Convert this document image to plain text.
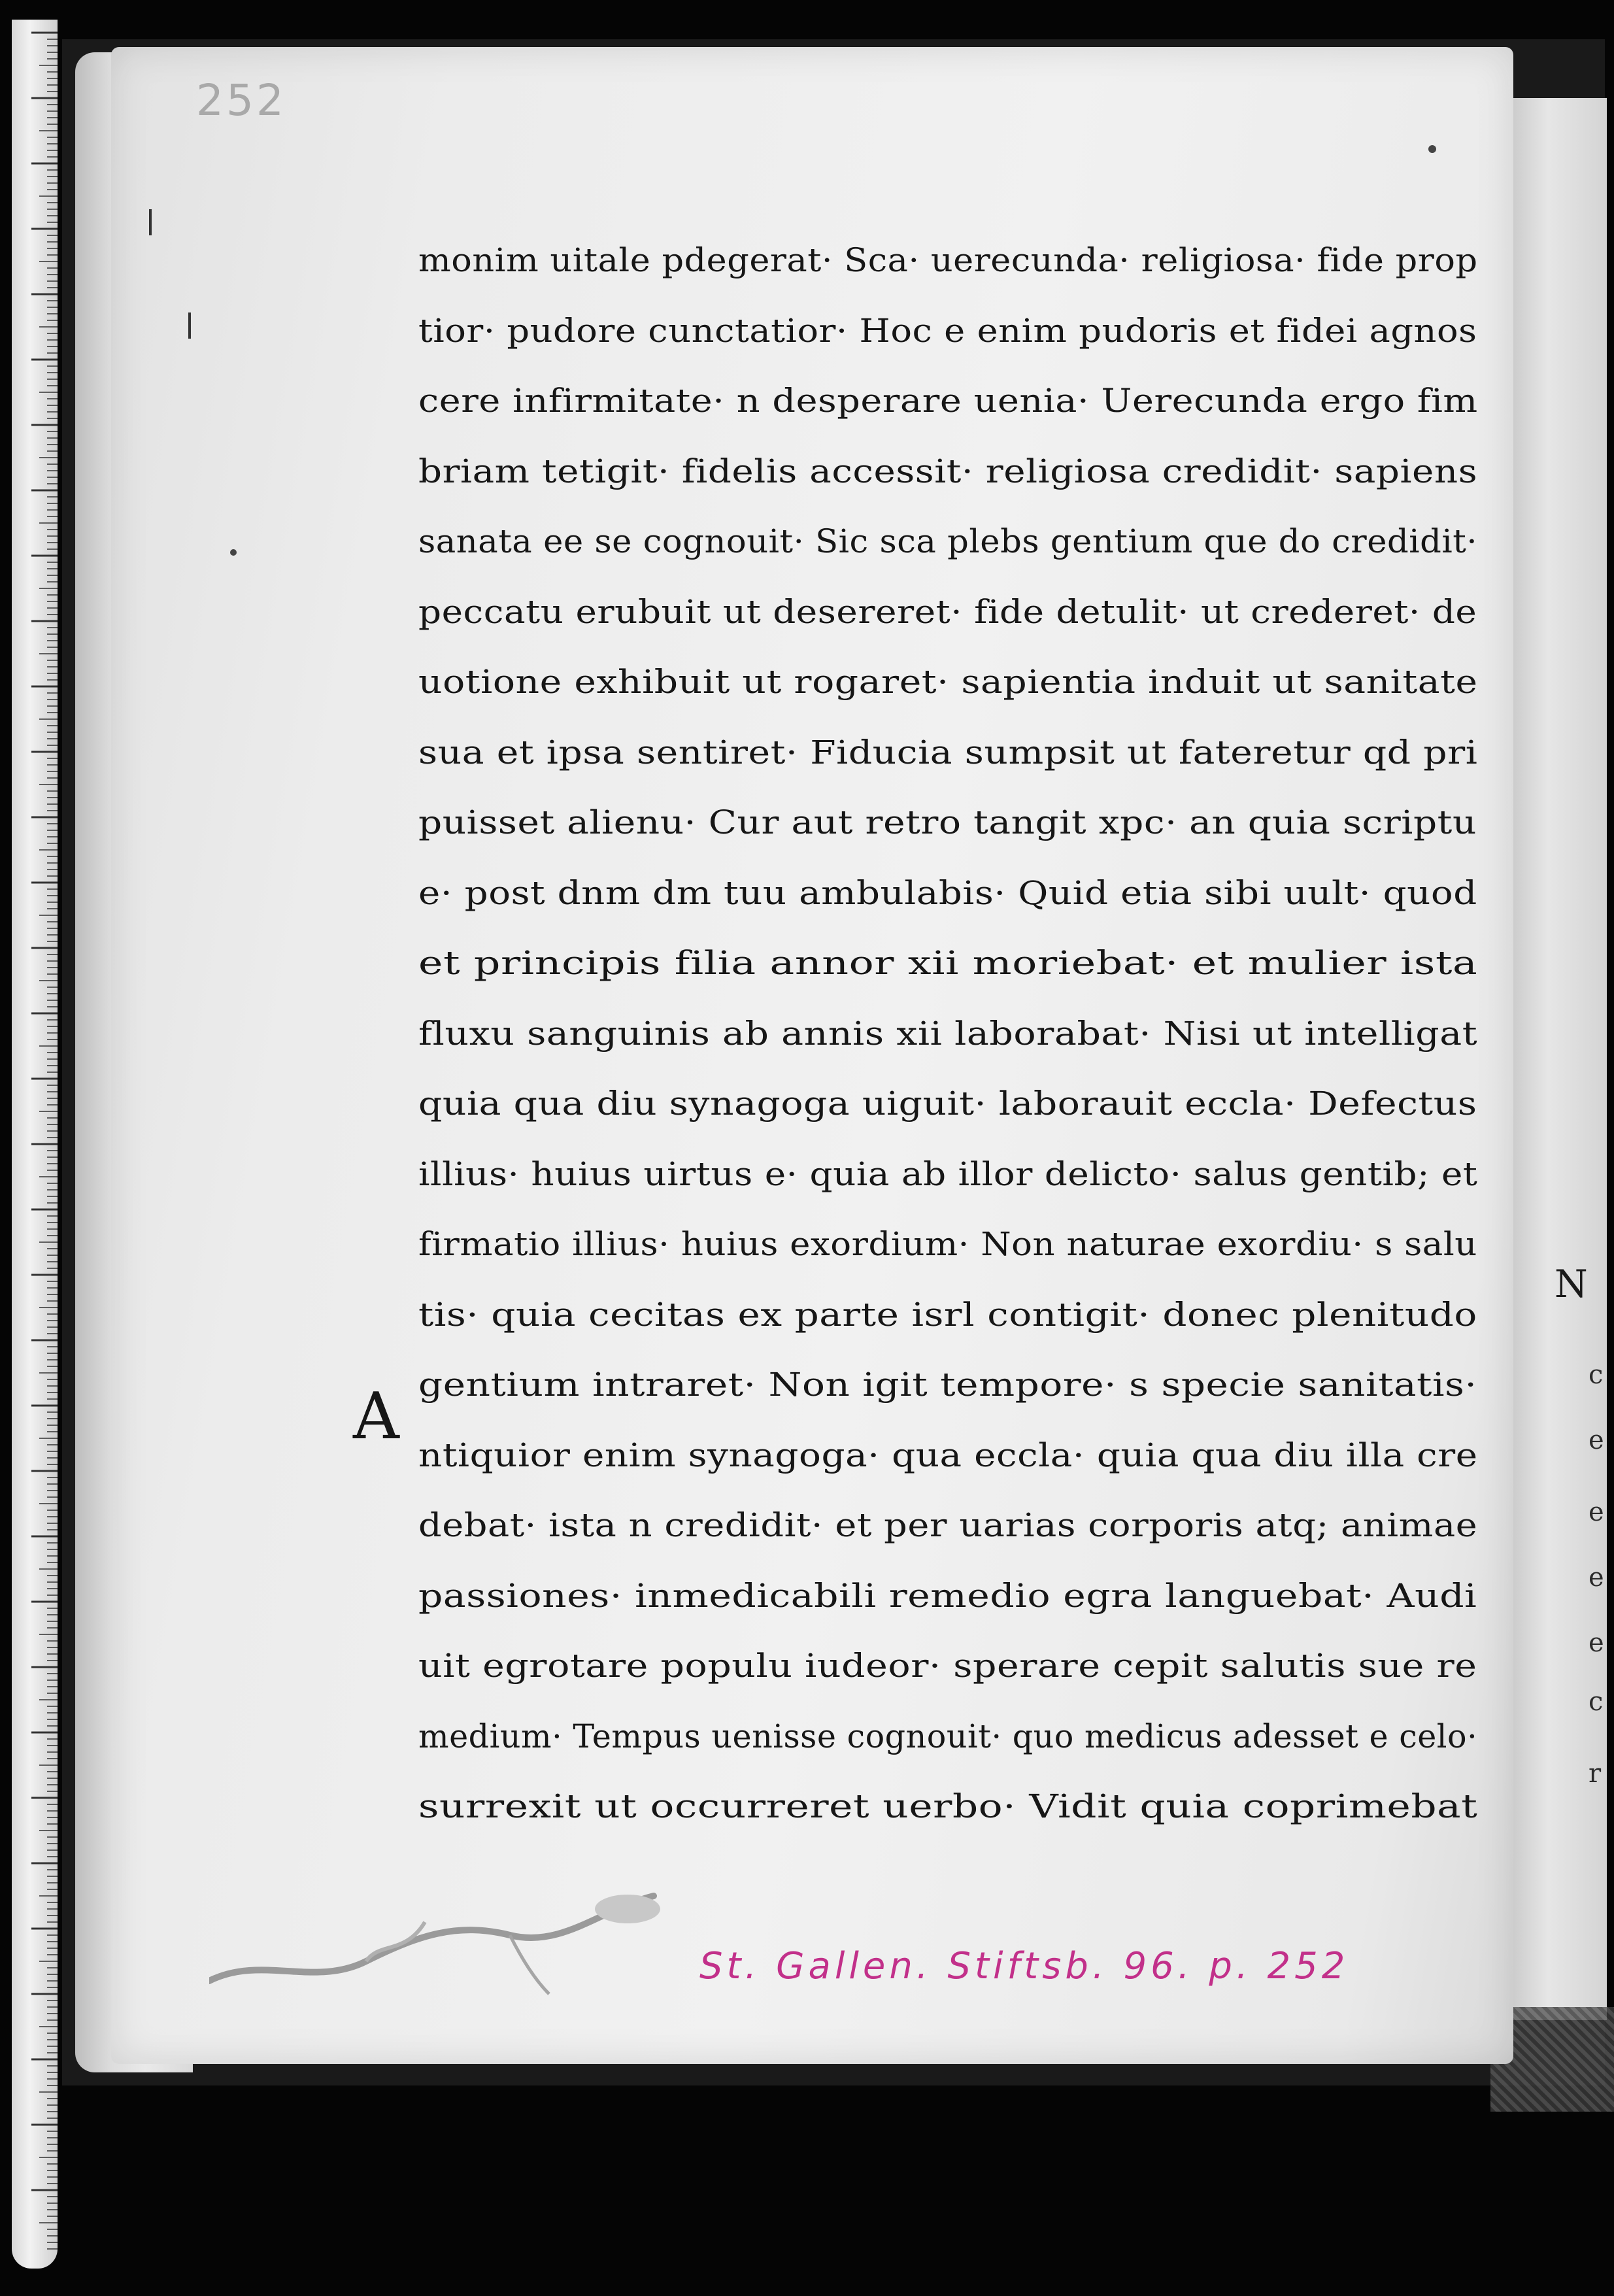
N
c
e
e
e
e
c
r
252
A
monim uitale pdegerat· Sca· uerecunda· religiosa· fide prop
tior· pudore cunctatior· Hoc e enim pudoris et fidei agnos
cere infirmitate· n desperare uenia· Uerecunda ergo fim
briam tetigit· fidelis accessit· religiosa credidit· sapiens
sanata ee se cognouit· Sic sca plebs gentium que do credidit·
peccatu erubuit ut desereret· fide detulit· ut crederet· de
uotione exhibuit ut rogaret· sapientia induit ut sanitate
sua et ipsa sentiret· Fiducia sumpsit ut fateretur qd pri
puisset alienu· Cur aut retro tangit xpc· an quia scriptu
e· post dnm dm tuu ambulabis· Quid etia sibi uult· quod
et principis filia annor xii moriebat· et mulier ista
fluxu sanguinis ab annis xii laborabat· Nisi ut intelligat
quia qua diu synagoga uiguit· laborauit eccla· Defectus
illius· huius uirtus e· quia ab illor delicto· salus gentib; et
firmatio illius· huius exordium· Non naturae exordiu· s salu
tis· quia cecitas ex parte isrl contigit· donec plenitudo
gentium intraret· Non igit tempore· s specie sanitatis·
ntiquior enim synagoga· qua eccla· quia qua diu illa cre
debat· ista n credidit· et per uarias corporis atq; animae
passiones· inmedicabili remedio egra languebat· Audi
uit egrotare populu iudeor· sperare cepit salutis sue re
medium· Tempus uenisse cognouit· quo medicus adesset e celo·
surrexit ut occurreret uerbo· Vidit quia coprimebat
St. Gallen. Stiftsb. 96. p. 252
